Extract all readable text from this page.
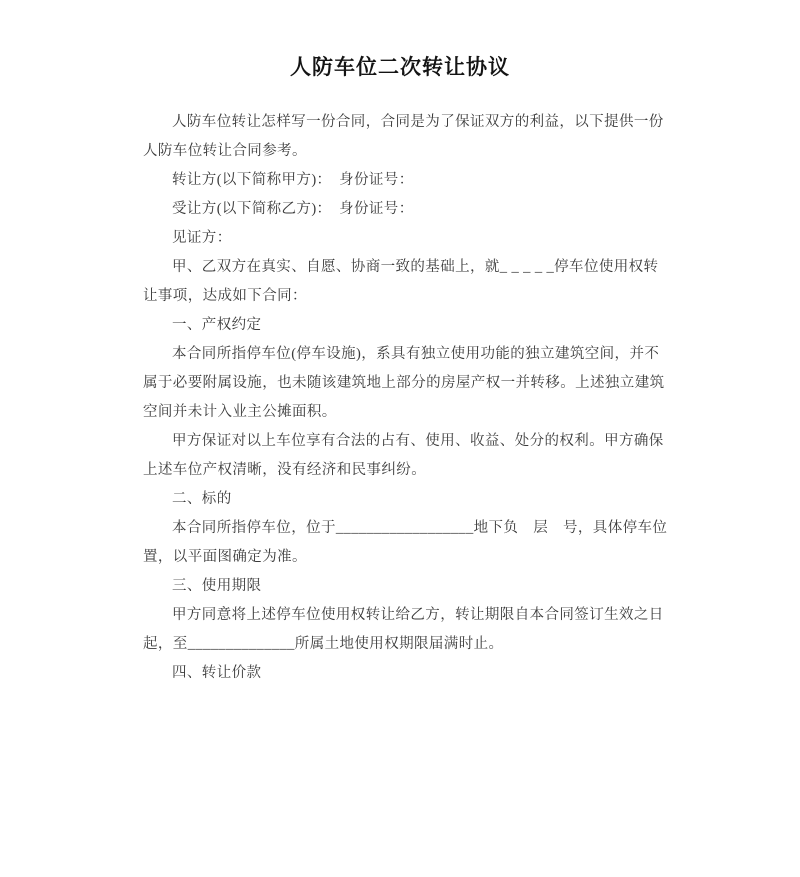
人防车位二次转让协议
人防车位转让怎样写一份合同，合同是为了保证双方的利益，以下提供一份
人防车位转让合同参考。
转让方(以下简称甲方)：　身份证号：
受让方(以下简称乙方)：　身份证号：
见证方：
甲、乙双方在真实、自愿、协商一致的基础上，就_ _ _ _ _停车位使用权转
让事项，达成如下合同：
一、产权约定
本合同所指停车位(停车设施)，系具有独立使用功能的独立建筑空间，并不
属于必要附属设施，也未随该建筑地上部分的房屋产权一并转移。上述独立建筑
空间并未计入业主公摊面积。
甲方保证对以上车位享有合法的占有、使用、收益、处分的权利。甲方确保
上述车位产权清晰，没有经济和民事纠纷。
二、标的
本合同所指停车位，位于__________________地下负　层　号，具体停车位
置，以平面图确定为准。
三、使用期限
甲方同意将上述停车位使用权转让给乙方，转让期限自本合同签订生效之日
起，至______________所属土地使用权期限届满时止。
四、转让价款
